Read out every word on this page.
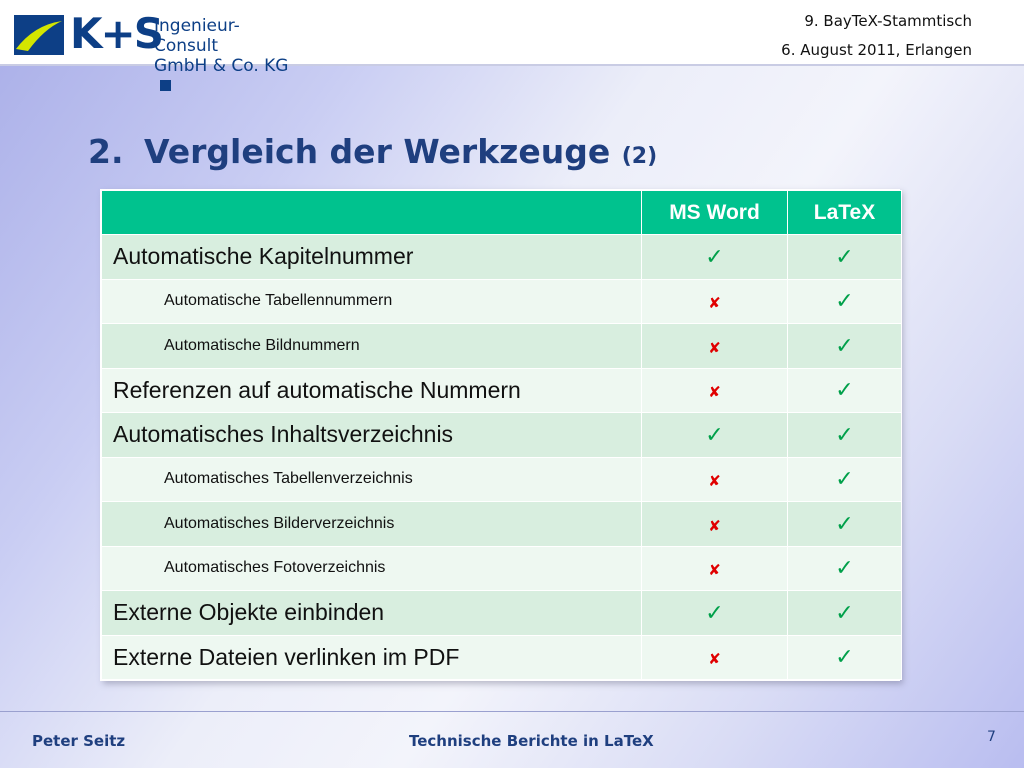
K+S
Ingenieur-Consult
GmbH & Co. KG
9. BayTeX-Stammtisch
6. August 2011, Erlangen
2. Vergleich der Werkzeuge (2)
	MS Word	LaTeX
Automatische Kapitelnummer	✓	✓
Automatische Tabellennummern	✘	✓
Automatische Bildnummern	✘	✓
Referenzen auf automatische Nummern	✘	✓
Automatisches Inhaltsverzeichnis	✓	✓
Automatisches Tabellenverzeichnis	✘	✓
Automatisches Bilderverzeichnis	✘	✓
Automatisches Fotoverzeichnis	✘	✓
Externe Objekte einbinden	✓	✓
Externe Dateien verlinken im PDF	✘	✓
Peter Seitz	Technische Berichte in LaTeX	7
